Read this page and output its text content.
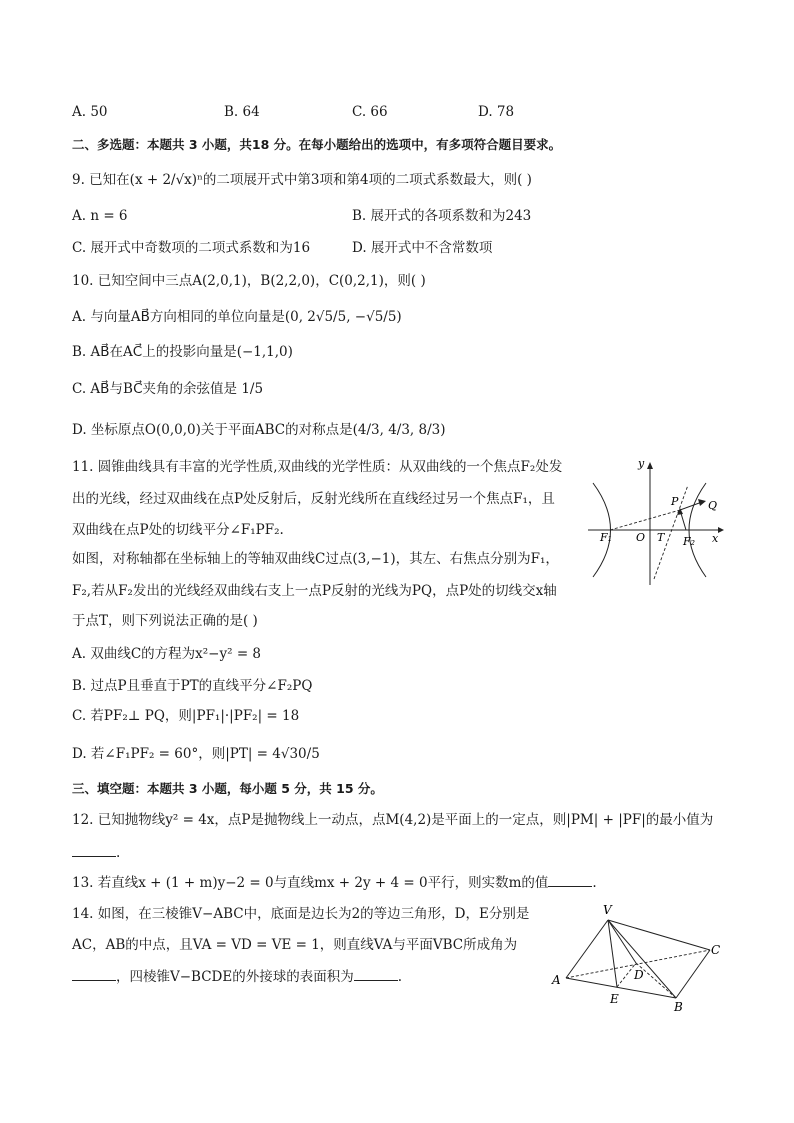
A. 50	B. 64	C. 66	D. 78
二、多选题：本题共 3 小题，共18 分。在每小题给出的选项中，有多项符合题目要求。
9. 已知在(x + 2/√x)ⁿ的二项展开式中第3项和第4项的二项式系数最大，则( )
A. n = 6	B. 展开式的各项系数和为243
C. 展开式中奇数项的二项式系数和为16	D. 展开式中不含常数项
10. 已知空间中三点A(2,0,1)，B(2,2,0)，C(0,2,1)，则( )
A. 与向量AB⃗方向相同的单位向量是(0, 2√5/5, −√5/5)
B. AB⃗在AC⃗上的投影向量是(−1,1,0)
C. AB⃗与BC⃗夹角的余弦值是 1/5
D. 坐标原点O(0,0,0)关于平面ABC的对称点是(4/3, 4/3, 8/3)
11. 圆锥曲线具有丰富的光学性质,双曲线的光学性质：从双曲线的一个焦点F₂处发
出的光线，经过双曲线在点P处反射后，反射光线所在直线经过另一个焦点F₁，且
双曲线在点P处的切线平分∠F₁PF₂.
如图，对称轴都在坐标轴上的等轴双曲线C过点(3,−1)，其左、右焦点分别为F₁，
F₂,若从F₂发出的光线经双曲线右支上一点P反射的光线为PQ，点P处的切线交x轴
于点T，则下列说法正确的是( )
A. 双曲线C的方程为x²−y² = 8
B. 过点P且垂直于PT的直线平分∠F₂PQ
C. 若PF₂⊥ PQ，则|PF₁|·|PF₂| = 18
D. 若∠F₁PF₂ = 60°，则|PT| = 4√30/5
y
x
P	Q
F₁ O T F₂
三、填空题：本题共 3 小题，每小题 5 分，共 15 分。
12. 已知抛物线y² = 4x，点P是抛物线上一动点，点M(4,2)是平面上的一定点，则|PM| + |PF|的最小值为
.
13. 若直线x + (1 + m)y−2 = 0与直线mx + 2y + 4 = 0平行，则实数m的值	.
14. 如图，在三棱锥V−ABC中，底面是边长为2的等边三角形，D，E分别是
AC，AB的中点，且VA = VD = VE = 1，则直线VA与平面VBC所成角为
，四棱锥V−BCDE的外接球的表面积为	.
V
A
B
C
D
E
